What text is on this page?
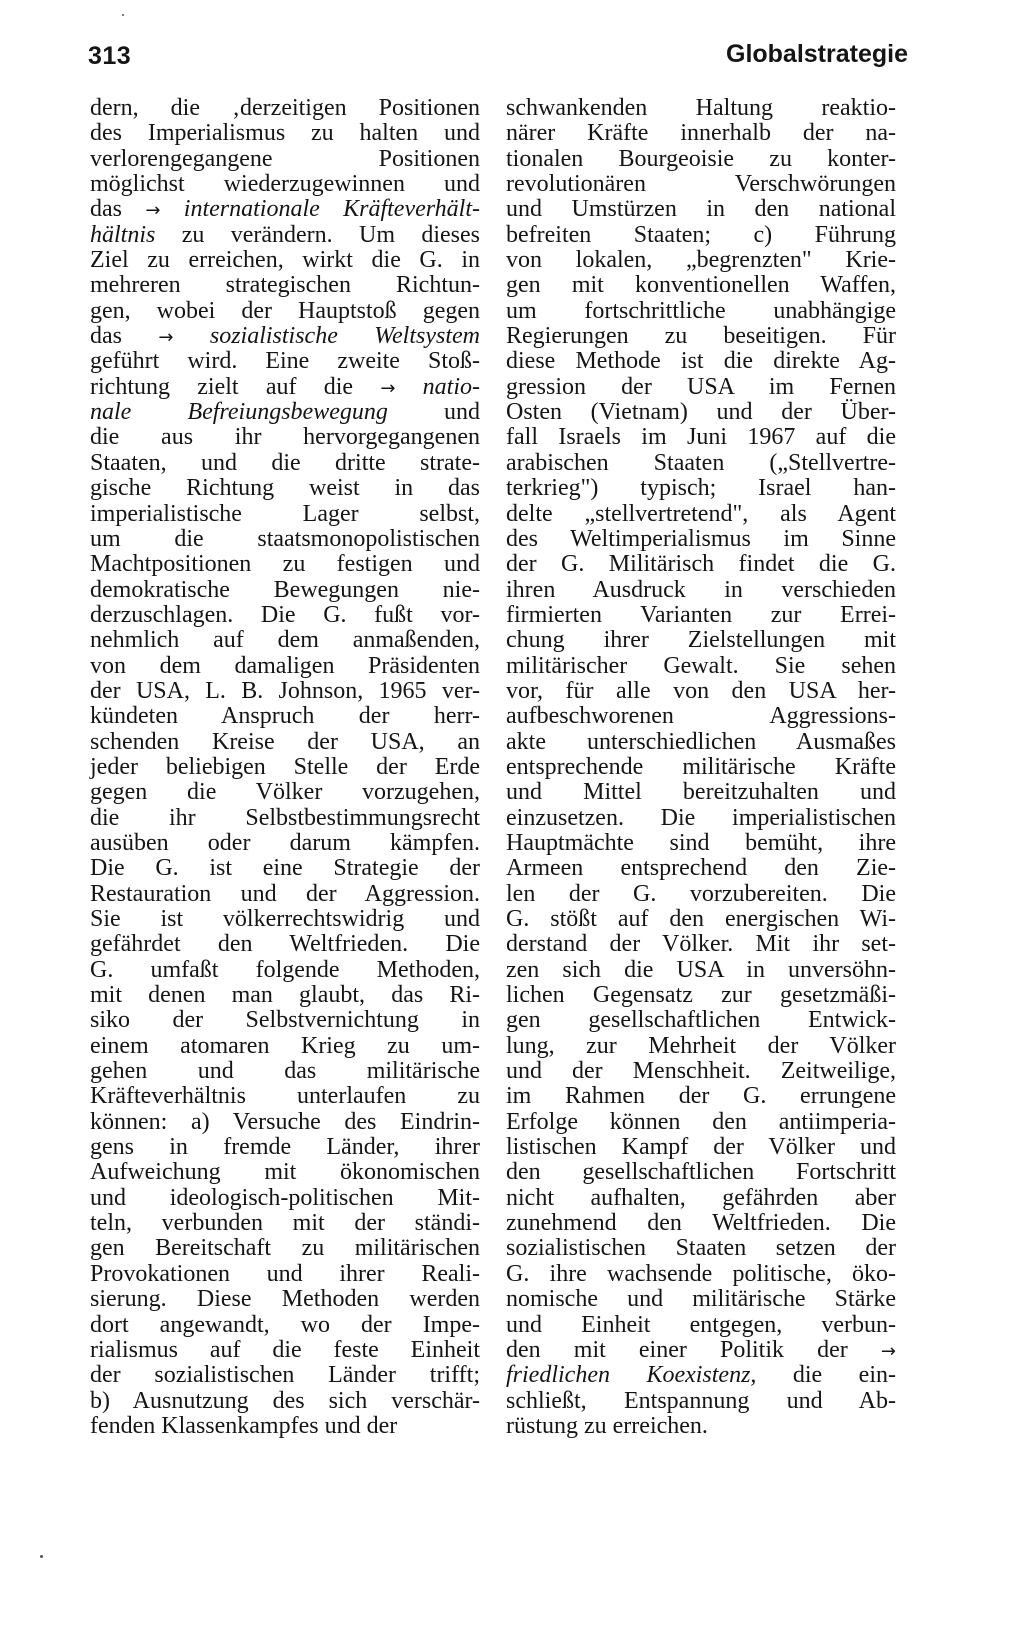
313	Globalstrategie
dern, die ‚derzeitigen Positionen
des Imperialismus zu halten und
verlorengegangene Positionen
möglichst wiederzugewinnen und
das → internationale Kräfteverhält-
hältnis zu verändern. Um dieses
Ziel zu erreichen, wirkt die G. in
mehreren strategischen Richtun-
gen, wobei der Hauptstoß gegen
das → sozialistische Weltsystem
geführt wird. Eine zweite Stoß-
richtung zielt auf die → natio-
nale Befreiungsbewegung und
die aus ihr hervorgegangenen
Staaten, und die dritte strate-
gische Richtung weist in das
imperialistische Lager selbst,
um die staatsmonopolistischen
Machtpositionen zu festigen und
demokratische Bewegungen nie-
derzuschlagen. Die G. fußt vor-
nehmlich auf dem anmaßenden,
von dem damaligen Präsidenten
der USA, L. B. Johnson, 1965 ver-
kündeten Anspruch der herr-
schenden Kreise der USA, an
jeder beliebigen Stelle der Erde
gegen die Völker vorzugehen,
die ihr Selbstbestimmungsrecht
ausüben oder darum kämpfen.
Die G. ist eine Strategie der
Restauration und der Aggression.
Sie ist völkerrechtswidrig und
gefährdet den Weltfrieden. Die
G. umfaßt folgende Methoden,
mit denen man glaubt, das Ri-
siko der Selbstvernichtung in
einem atomaren Krieg zu um-
gehen und das militärische
Kräfteverhältnis unterlaufen zu
können: a) Versuche des Eindrin-
gens in fremde Länder, ihrer
Aufweichung mit ökonomischen
und ideologisch-politischen Mit-
teln, verbunden mit der ständi-
gen Bereitschaft zu militärischen
Provokationen und ihrer Reali-
sierung. Diese Methoden werden
dort angewandt, wo der Impe-
rialismus auf die feste Einheit
der sozialistischen Länder trifft;
b) Ausnutzung des sich verschär-
fenden Klassenkampfes und der
schwankenden Haltung reaktio-
närer Kräfte innerhalb der na-
tionalen Bourgeoisie zu konter-
revolutionären Verschwörungen
und Umstürzen in den national
befreiten Staaten; c) Führung
von lokalen, „begrenzten" Krie-
gen mit konventionellen Waffen,
um fortschrittliche unabhängige
Regierungen zu beseitigen. Für
diese Methode ist die direkte Ag-
gression der USA im Fernen
Osten (Vietnam) und der Über-
fall Israels im Juni 1967 auf die
arabischen Staaten („Stellvertre-
terkrieg") typisch; Israel han-
delte „stellvertretend", als Agent
des Weltimperialismus im Sinne
der G. Militärisch findet die G.
ihren Ausdruck in verschieden
firmierten Varianten zur Errei-
chung ihrer Zielstellungen mit
militärischer Gewalt. Sie sehen
vor, für alle von den USA her-
aufbeschworenen Aggressions-
akte unterschiedlichen Ausmaßes
entsprechende militärische Kräfte
und Mittel bereitzuhalten und
einzusetzen. Die imperialistischen
Hauptmächte sind bemüht, ihre
Armeen entsprechend den Zie-
len der G. vorzubereiten. Die
G. stößt auf den energischen Wi-
derstand der Völker. Mit ihr set-
zen sich die USA in unversöhn-
lichen Gegensatz zur gesetzmäßi-
gen gesellschaftlichen Entwick-
lung, zur Mehrheit der Völker
und der Menschheit. Zeitweilige,
im Rahmen der G. errungene
Erfolge können den antiimperia-
listischen Kampf der Völker und
den gesellschaftlichen Fortschritt
nicht aufhalten, gefährden aber
zunehmend den Weltfrieden. Die
sozialistischen Staaten setzen der
G. ihre wachsende politische, öko-
nomische und militärische Stärke
und Einheit entgegen, verbun-
den mit einer Politik der →
friedlichen Koexistenz, die ein-
schließt, Entspannung und Ab-
rüstung zu erreichen.
